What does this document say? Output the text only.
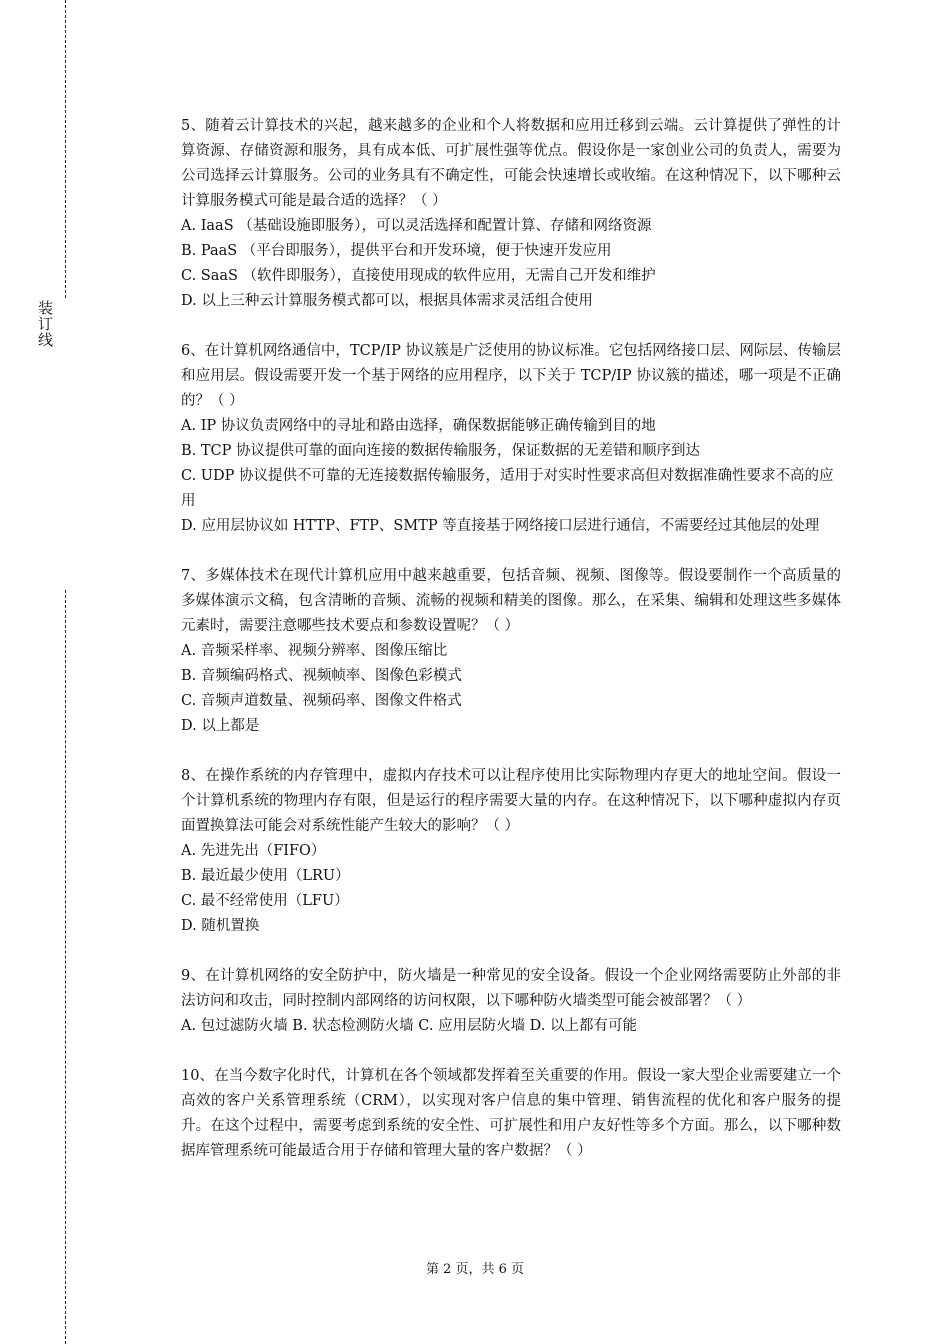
装订线

5、随着云计算技术的兴起，越来越多的企业和个人将数据和应用迁移到云端。云计算提供了弹性的计算资源、存储资源和服务，具有成本低、可扩展性强等优点。假设你是一家创业公司的负责人，需要为公司选择云计算服务。公司的业务具有不确定性，可能会快速增长或收缩。在这种情况下，以下哪种云计算服务模式可能是最合适的选择？（ ）

A. IaaS （基础设施即服务），可以灵活选择和配置计算、存储和网络资源

B. PaaS （平台即服务），提供平台和开发环境，便于快速开发应用

C. SaaS （软件即服务），直接使用现成的软件应用，无需自己开发和维护

D. 以上三种云计算服务模式都可以，根据具体需求灵活组合使用

6、在计算机网络通信中，TCP/IP 协议簇是广泛使用的协议标准。它包括网络接口层、网际层、传输层和应用层。假设需要开发一个基于网络的应用程序，以下关于 TCP/IP 协议簇的描述，哪一项是不正确的？（ ）

A. IP 协议负责网络中的寻址和路由选择，确保数据能够正确传输到目的地

B. TCP 协议提供可靠的面向连接的数据传输服务，保证数据的无差错和顺序到达

C. UDP 协议提供不可靠的无连接数据传输服务，适用于对实时性要求高但对数据准确性要求不高的应用

D. 应用层协议如 HTTP、FTP、SMTP 等直接基于网络接口层进行通信，不需要经过其他层的处理

7、多媒体技术在现代计算机应用中越来越重要，包括音频、视频、图像等。假设要制作一个高质量的多媒体演示文稿，包含清晰的音频、流畅的视频和精美的图像。那么，在采集、编辑和处理这些多媒体元素时，需要注意哪些技术要点和参数设置呢？（ ）

A. 音频采样率、视频分辨率、图像压缩比

B. 音频编码格式、视频帧率、图像色彩模式

C. 音频声道数量、视频码率、图像文件格式

D. 以上都是

8、在操作系统的内存管理中，虚拟内存技术可以让程序使用比实际物理内存更大的地址空间。假设一个计算机系统的物理内存有限，但是运行的程序需要大量的内存。在这种情况下，以下哪种虚拟内存页面置换算法可能会对系统性能产生较大的影响？（ ）

A. 先进先出（FIFO）

B. 最近最少使用（LRU）

C. 最不经常使用（LFU）

D. 随机置换

9、在计算机网络的安全防护中，防火墙是一种常见的安全设备。假设一个企业网络需要防止外部的非法访问和攻击，同时控制内部网络的访问权限，以下哪种防火墙类型可能会被部署？（ ）

A. 包过滤防火墙 B. 状态检测防火墙 C. 应用层防火墙 D. 以上都有可能

10、在当今数字化时代，计算机在各个领域都发挥着至关重要的作用。假设一家大型企业需要建立一个高效的客户关系管理系统（CRM），以实现对客户信息的集中管理、销售流程的优化和客户服务的提升。在这个过程中，需要考虑到系统的安全性、可扩展性和用户友好性等多个方面。那么，以下哪种数据库管理系统可能最适合用于存储和管理大量的客户数据？（ ）

第 2 页，共 6 页
